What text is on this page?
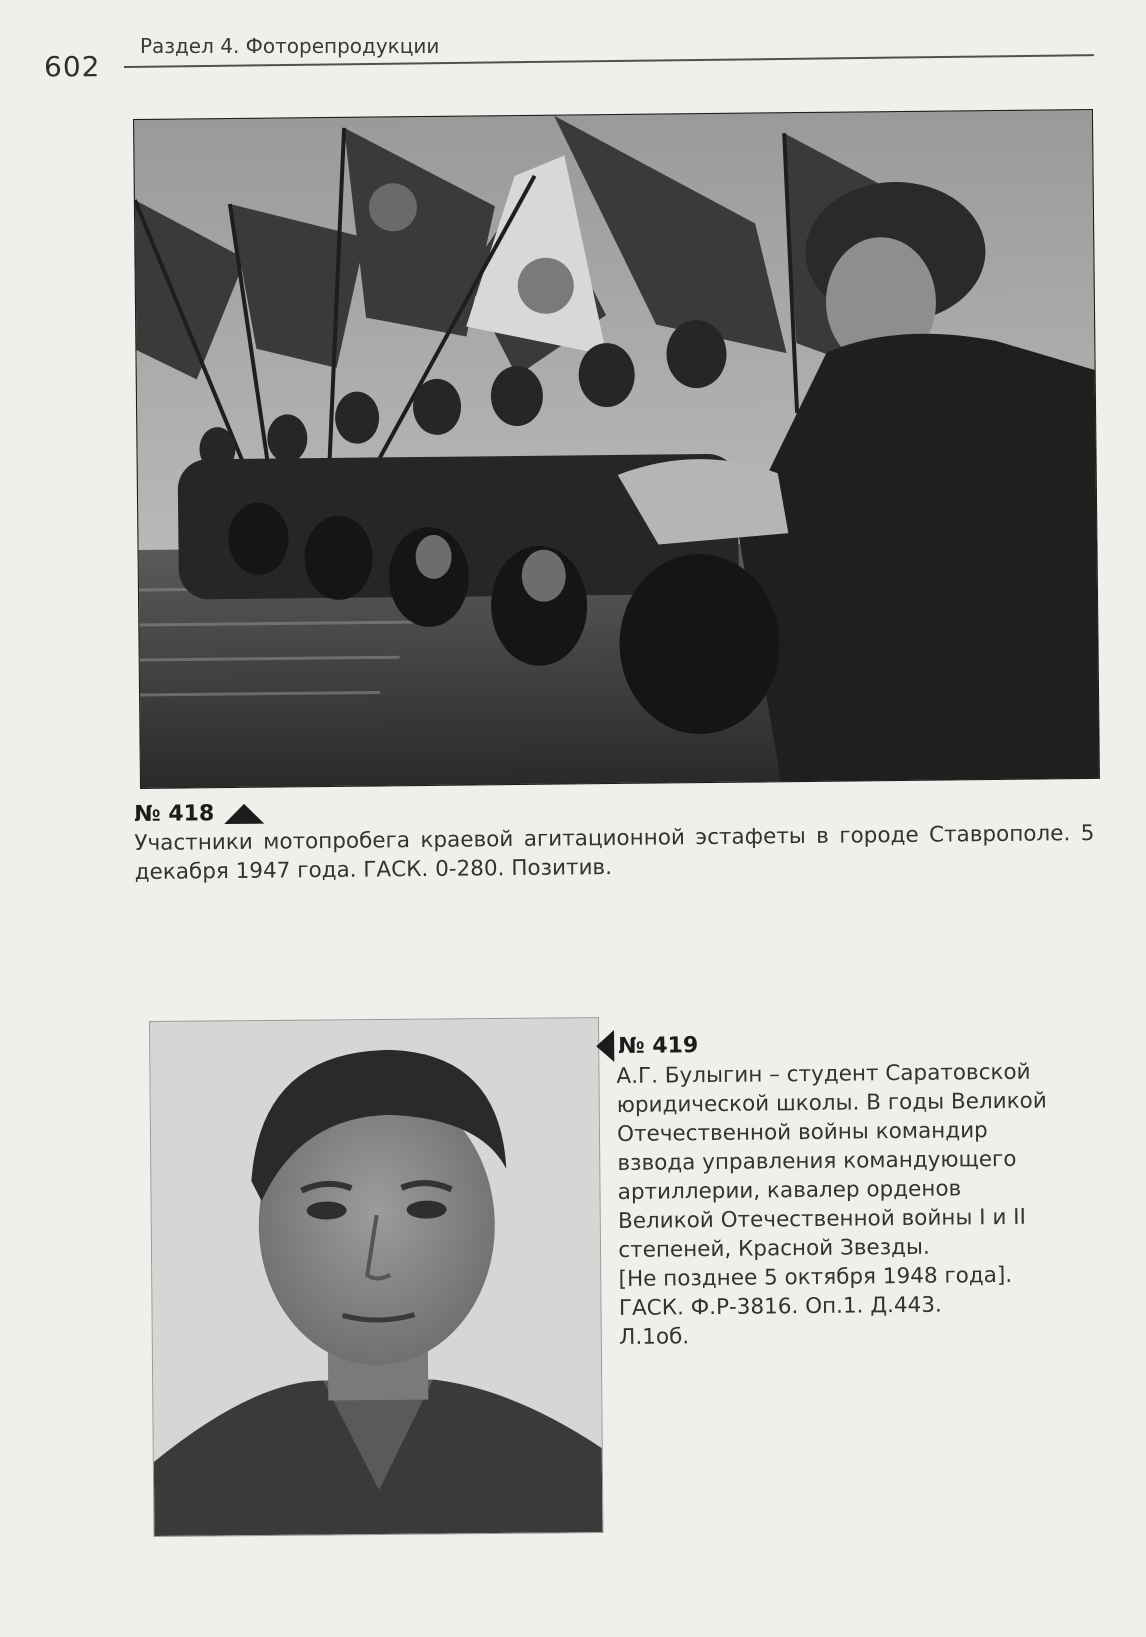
602
Раздел 4. Фоторепродукции
№ 418
Участники мотопробега краевой агитационной эстафеты в городе Ставрополе. 5 декабря 1947 года. ГАСК. 0-280. Позитив.
№ 419
А.Г. Булыгин – студент Саратовской
юридической школы. В годы Великой
Отечественной войны командир
взвода управления командующего
артиллерии, кавалер орденов
Великой Отечественной войны I и II
степеней, Красной Звезды.
[Не позднее 5 октября 1948 года].
ГАСК. Ф.Р-3816. Оп.1. Д.443.
Л.1об.
